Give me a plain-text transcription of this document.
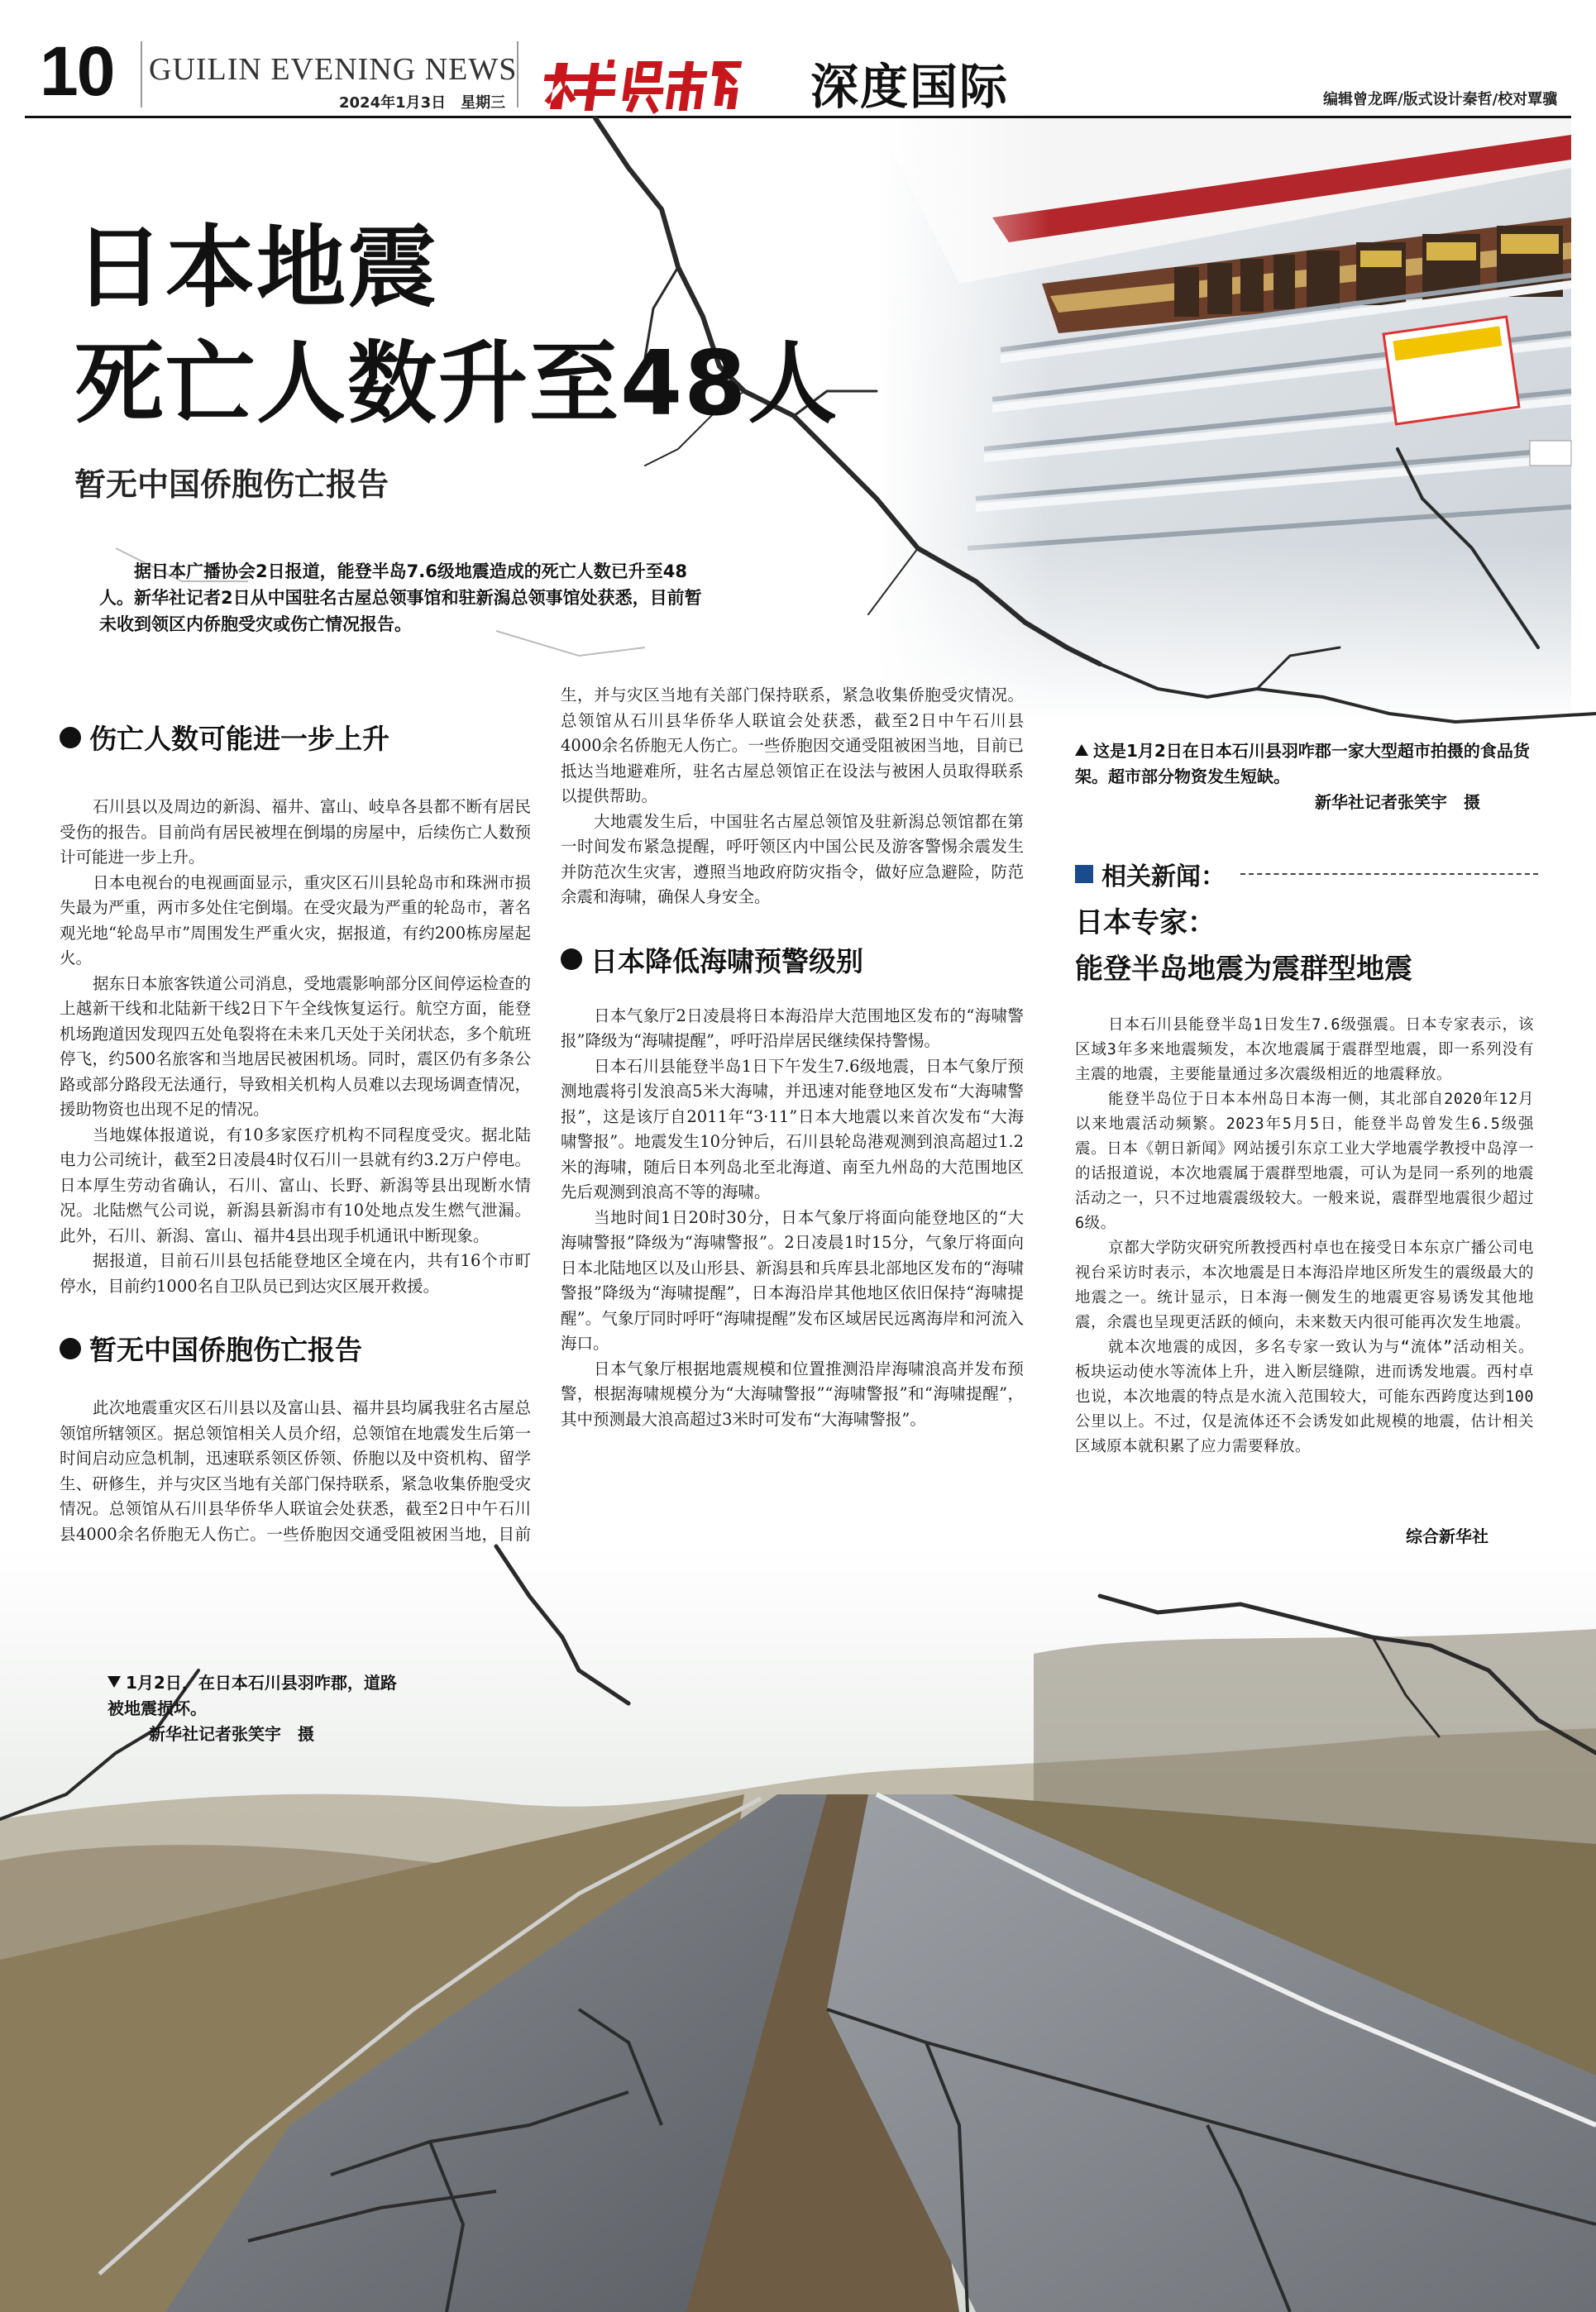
10 GUILIN EVENING NEWS
2024年1月3日　星期三	深度国际	编辑曾龙晖/版式设计秦哲/校对覃骥
日本地震
死亡人数升至48人
暂无中国侨胞伤亡报告
据日本广播协会2日报道，能登半岛7.6级地震造成的死亡人数已升至48人。新华社记者2日从中国驻名古屋总领事馆和驻新潟总领事馆处获悉，目前暂未收到领区内侨胞受灾或伤亡情况报告。
伤亡人数可能进一步上升

石川县以及周边的新潟、福井、富山、岐阜各县都不断有居民受伤的报告。目前尚有居民被埋在倒塌的房屋中，后续伤亡人数预计可能进一步上升。

日本电视台的电视画面显示，重灾区石川县轮岛市和珠洲市损失最为严重，两市多处住宅倒塌。在受灾最为严重的轮岛市，著名观光地“轮岛早市”周围发生严重火灾，据报道，有约200栋房屋起火。

据东日本旅客铁道公司消息，受地震影响部分区间停运检查的上越新干线和北陆新干线2日下午全线恢复运行。航空方面，能登机场跑道因发现四五处龟裂将在未来几天处于关闭状态，多个航班停飞，约500名旅客和当地居民被困机场。同时，震区仍有多条公路或部分路段无法通行，导致相关机构人员难以去现场调查情况，援助物资也出现不足的情况。

当地媒体报道说，有10多家医疗机构不同程度受灾。据北陆电力公司统计，截至2日凌晨4时仅石川一县就有约3.2万户停电。日本厚生劳动省确认，石川、富山、长野、新潟等县出现断水情况。北陆燃气公司说，新潟县新潟市有10处地点发生燃气泄漏。此外，石川、新潟、富山、福井4县出现手机通讯中断现象。

据报道，目前石川县包括能登地区全境在内，共有16个市町停水，目前约1000名自卫队员已到达灾区展开救援。

暂无中国侨胞伤亡报告

此次地震重灾区石川县以及富山县、福井县均属我驻名古屋总领馆所辖领区。据总领馆相关人员介绍，总领馆在地震发生后第一时间启动应急机制，迅速联系领区侨领、侨胞以及中资机构、留学生、研修生，并与灾区当地有关部门保持联系，紧急收集侨胞受灾情况。总领馆从石川县华侨华人联谊会处获悉，截至2日中午石川县4000余名侨胞无人伤亡。一些侨胞因交通受阻被困当地，目前

生，并与灾区当地有关部门保持联系，紧急收集侨胞受灾情况。总领馆从石川县华侨华人联谊会处获悉，截至2日中午石川县4000余名侨胞无人伤亡。一些侨胞因交通受阻被困当地，目前已抵达当地避难所，驻名古屋总领馆正在设法与被困人员取得联系以提供帮助。

大地震发生后，中国驻名古屋总领馆及驻新潟总领馆都在第一时间发布紧急提醒，呼吁领区内中国公民及游客警惕余震发生并防范次生灾害，遵照当地政府防灾指令，做好应急避险，防范余震和海啸，确保人身安全。

日本降低海啸预警级别

日本气象厅2日凌晨将日本海沿岸大范围地区发布的“海啸警报”降级为“海啸提醒”，呼吁沿岸居民继续保持警惕。

日本石川县能登半岛1日下午发生7.6级地震，日本气象厅预测地震将引发浪高5米大海啸，并迅速对能登地区发布“大海啸警报”，这是该厅自2011年“3·11”日本大地震以来首次发布“大海啸警报”。地震发生10分钟后，石川县轮岛港观测到浪高超过1.2米的海啸，随后日本列岛北至北海道、南至九州岛的大范围地区先后观测到浪高不等的海啸。

当地时间1日20时30分，日本气象厅将面向能登地区的“大海啸警报”降级为“海啸警报”。2日凌晨1时15分，气象厅将面向日本北陆地区以及山形县、新潟县和兵库县北部地区发布的“海啸警报”降级为“海啸提醒”，日本海沿岸其他地区依旧保持“海啸提醒”。气象厅同时呼吁“海啸提醒”发布区域居民远离海岸和河流入海口。

日本气象厅根据地震规模和位置推测沿岸海啸浪高并发布预警，根据海啸规模分为“大海啸警报”“海啸警报”和“海啸提醒”，其中预测最大浪高超过3米时可发布“大海啸警报”。

这是1月2日在日本石川县羽咋郡一家大型超市拍摄的食品货架。超市部分物资发生短缺。
新华社记者张笑宇　摄
相关新闻：
日本专家：
能登半岛地震为震群型地震

日本石川县能登半岛1日发生7.6级强震。日本专家表示，该区域3年多来地震频发，本次地震属于震群型地震，即一系列没有主震的地震，主要能量通过多次震级相近的地震释放。

能登半岛位于日本本州岛日本海一侧，其北部自2020年12月以来地震活动频繁。2023年5月5日，能登半岛曾发生6.5级强震。日本《朝日新闻》网站援引东京工业大学地震学教授中岛淳一的话报道说，本次地震属于震群型地震，可认为是同一系列的地震活动之一，只不过地震震级较大。一般来说，震群型地震很少超过6级。

京都大学防灾研究所教授西村卓也在接受日本东京广播公司电视台采访时表示，本次地震是日本海沿岸地区所发生的震级最大的地震之一。统计显示，日本海一侧发生的地震更容易诱发其他地震，余震也呈现更活跃的倾向，未来数天内很可能再次发生地震。

就本次地震的成因，多名专家一致认为与“流体”活动相关。板块运动使水等流体上升，进入断层缝隙，进而诱发地震。西村卓也说，本次地震的特点是水流入范围较大，可能东西跨度达到100公里以上。不过，仅是流体还不会诱发如此规模的地震，估计相关区域原本就积累了应力需要释放。

综合新华社
1月2日，在日本石川县羽咋郡，道路被地震损坏。
新华社记者张笑宇　摄
